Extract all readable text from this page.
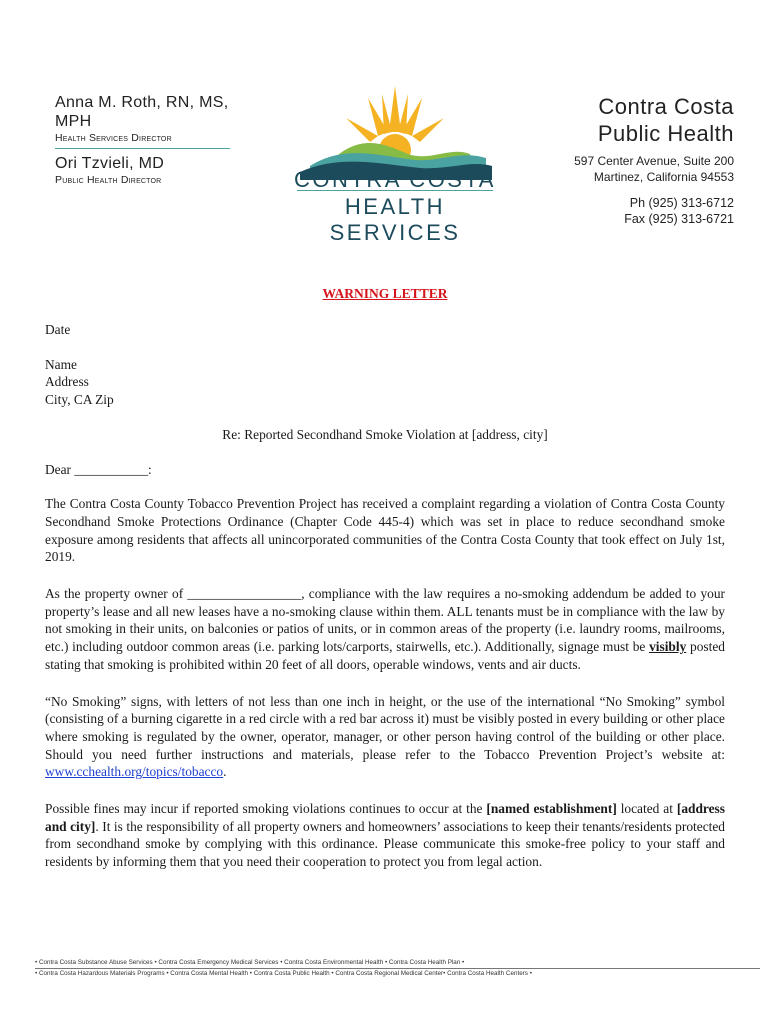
Anna M. Roth, RN, MS, MPH
Health Services Director
Ori Tzvieli, MD
Public Health Director	CONTRA COSTA
HEALTH SERVICES
Contra Costa
Public Health
597 Center Avenue, Suite 200
Martinez, California 94553
Ph (925) 313-6712
Fax (925) 313-6721
WARNING LETTER

Date

Name

Address

City, CA Zip

Re: Reported Secondhand Smoke Violation at [address, city]

Dear ___________:

The Contra Costa County Tobacco Prevention Project has received a complaint regarding a violation of Contra Costa County Secondhand Smoke Protections Ordinance (Chapter Code 445-4) which was set in place to reduce secondhand smoke exposure among residents that affects all unincorporated communities of the Contra Costa County that took effect on July 1st, 2019.

As the property owner of _________________, compliance with the law requires a no-smoking addendum be added to your property’s lease and all new leases have a no-smoking clause within them. ALL tenants must be in compliance with the law by not smoking in their units, on balconies or patios of units, or in common areas of the property (i.e. laundry rooms, mailrooms, etc.) including outdoor common areas (i.e. parking lots/carports, stairwells, etc.). Additionally, signage must be visibly posted stating that smoking is prohibited within 20 feet of all doors, operable windows, vents and air ducts.

“No Smoking” signs, with letters of not less than one inch in height, or the use of the international “No Smoking” symbol (consisting of a burning cigarette in a red circle with a red bar across it) must be visibly posted in every building or other place where smoking is regulated by the owner, operator, manager, or other person having control of the building or other place. Should you need further instructions and materials, please refer to the Tobacco Prevention Project’s website at: www.cchealth.org/topics/tobacco.

Possible fines may incur if reported smoking violations continues to occur at the [named establishment] located at [address and city]. It is the responsibility of all property owners and homeowners’ associations to keep their tenants/residents protected from secondhand smoke by complying with this ordinance. Please communicate this smoke-free policy to your staff and residents by informing them that you need their cooperation to protect you from legal action.

• Contra Costa Substance Abuse Services • Contra Costa Emergency Medical Services • Contra Costa Environmental Health • Contra Costa Health Plan •
• Contra Costa Hazardous Materials Programs • Contra Costa Mental Health • Contra Costa Public Health • Contra Costa Regional Medical Center• Contra Costa Health Centers •
